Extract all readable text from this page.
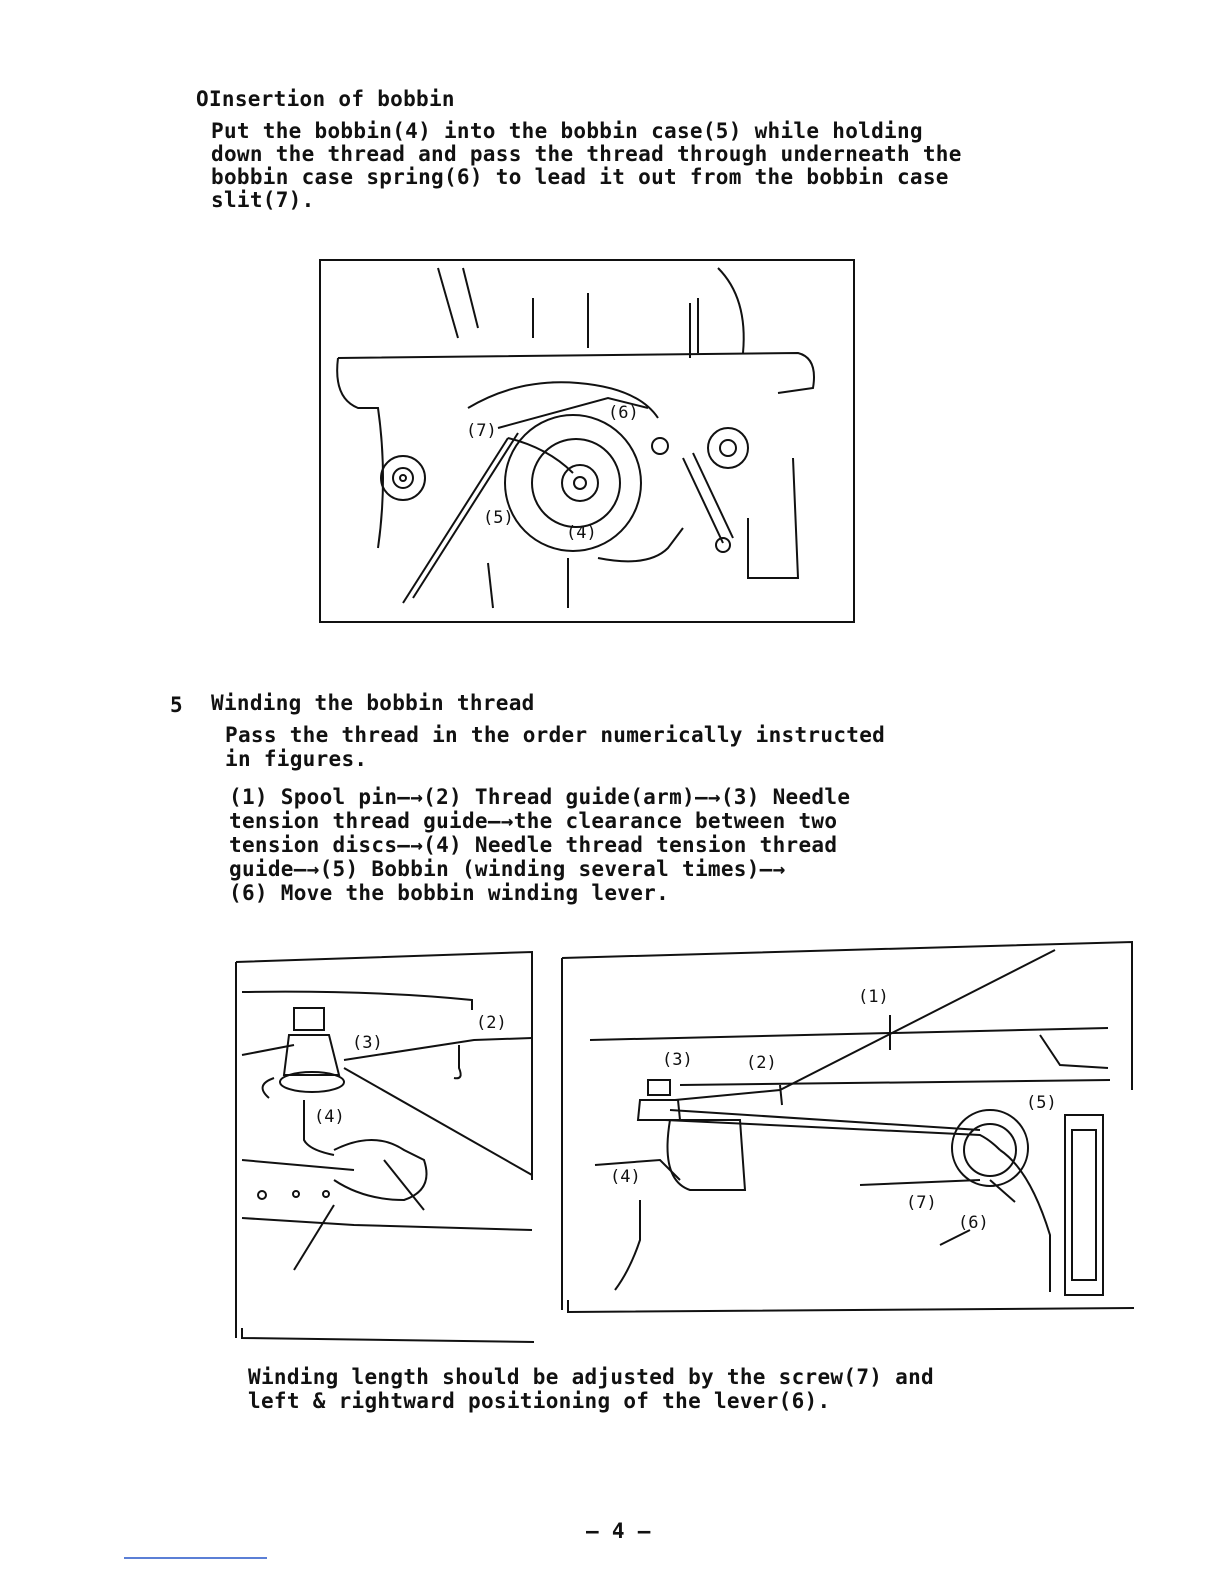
OInsertion of bobbin
Put the bobbin(4) into the bobbin case(5) while holding
down the thread and pass the thread through underneath the
bobbin case spring(6) to lead it out from the bobbin case
slit(7).
(7)
(6)
(5)
(4)
5 Winding the bobbin thread
Pass the thread in the order numerically instructed
in figures.
(1) Spool pin—→(2) Thread guide(arm)—→(3) Needle
tension thread guide—→the clearance between two
tension discs—→(4) Needle thread tension thread
guide—→(5) Bobbin (winding several times)—→
(6) Move the bobbin winding lever.
(2)
(3)
(4)
(1)
(3)	(2)
(5)
(4)
(7)
(6)
Winding length should be adjusted by the screw(7) and
left & rightward positioning of the lever(6).
— 4 —
